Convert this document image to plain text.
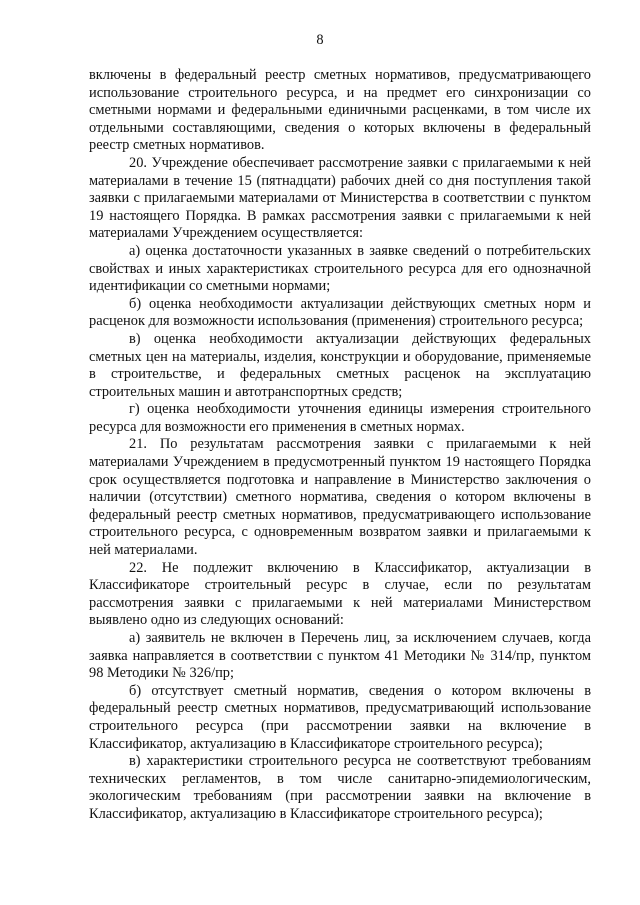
8

включены в федеральный реестр сметных нормативов, предусматривающего использование строительного ресурса, и на предмет его синхронизации со сметными нормами и федеральными единичными расценками, в том числе их отдельными составляющими, сведения о которых включены в федеральный реестр сметных нормативов.

20. Учреждение обеспечивает рассмотрение заявки с прилагаемыми к ней материалами в течение 15 (пятнадцати) рабочих дней со дня поступления такой заявки с прилагаемыми материалами от Министерства в соответствии с пунктом 19 настоящего Порядка. В рамках рассмотрения заявки с прилагаемыми к ней материалами Учреждением осуществляется:

а) оценка достаточности указанных в заявке сведений о потребительских свойствах и иных характеристиках строительного ресурса для его однозначной идентификации со сметными нормами;

б) оценка необходимости актуализации действующих сметных норм и расценок для возможности использования (применения) строительного ресурса;

в) оценка необходимости актуализации действующих федеральных сметных цен на материалы, изделия, конструкции и оборудование, применяемые в строительстве, и федеральных сметных расценок на эксплуатацию строительных машин и автотранспортных средств;

г) оценка необходимости уточнения единицы измерения строительного ресурса для возможности его применения в сметных нормах.

21. По результатам рассмотрения заявки с прилагаемыми к ней материалами Учреждением в предусмотренный пунктом 19 настоящего Порядка срок осуществляется подготовка и направление в Министерство заключения о наличии (отсутствии) сметного норматива, сведения о котором включены в федеральный реестр сметных нормативов, предусматривающего использование строительного ресурса, с одновременным возвратом заявки и прилагаемыми к ней материалами.

22. Не подлежит включению в Классификатор, актуализации в Классификаторе строительный ресурс в случае, если по результатам рассмотрения заявки с прилагаемыми к ней материалами Министерством выявлено одно из следующих оснований:

а) заявитель не включен в Перечень лиц, за исключением случаев, когда заявка направляется в соответствии с пунктом 41 Методики № 314/пр, пунктом 98 Методики № 326/пр;

б) отсутствует сметный норматив, сведения о котором включены в федеральный реестр сметных нормативов, предусматривающий использование строительного ресурса (при рассмотрении заявки на включение в Классификатор, актуализацию в Классификаторе строительного ресурса);

в) характеристики строительного ресурса не соответствуют требованиям технических регламентов, в том числе санитарно-эпидемиологическим, экологическим требованиям (при рассмотрении заявки на включение в Классификатор, актуализацию в Классификаторе строительного ресурса);
